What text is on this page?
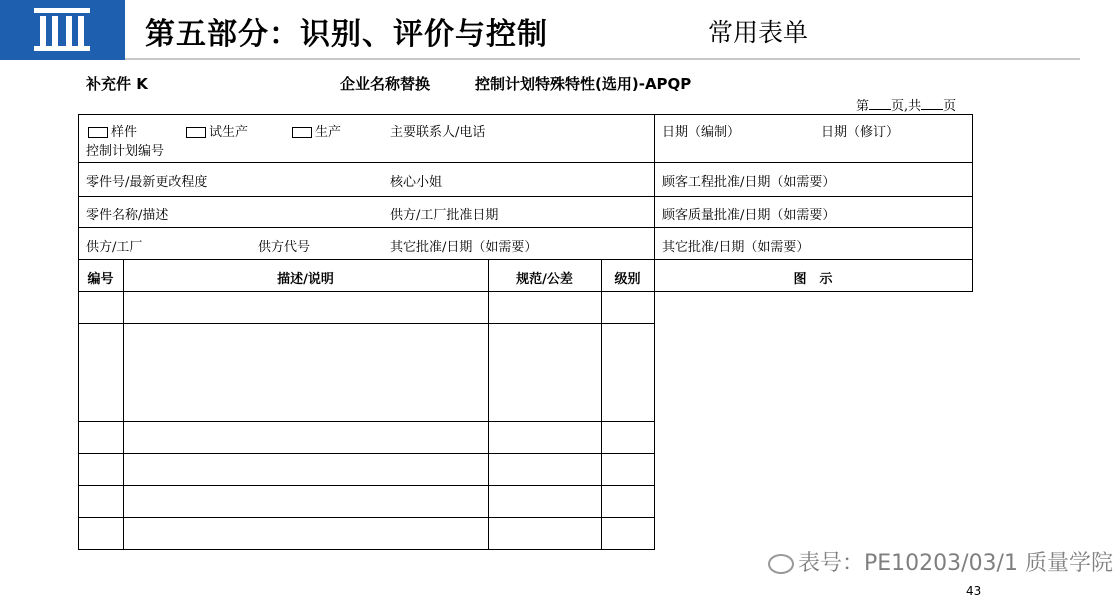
第五部分：识别、评价与控制	常用表单
补充件 K	企业名称替换	控制计划特殊特性(选用)-APQP
第 页,共 页
样件	试生产	生产	主要联系人/电话	日期（编制）	日期（修订）
控制计划编号
零件号/最新更改程度	核心小姐	顾客工程批准/日期（如需要）
零件名称/描述	供方/工厂批准日期	顾客质量批准/日期（如需要）
供方/工厂	供方代号	其它批准/日期（如需要）	其它批准/日期（如需要）
编号	描述/说明	规范/公差	级别	图　示
表号：PE10203/03/1 质量学院
43
